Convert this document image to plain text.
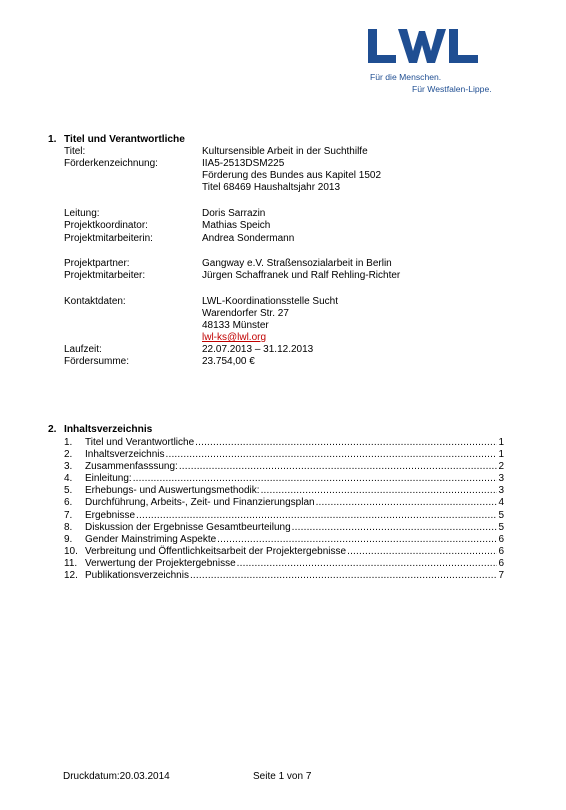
Für die Menschen.
Für Westfalen-Lippe.
1. Titel und Verantwortliche
Titel:	Kultursensible Arbeit in der Suchthilfe
Förderkenzeichnung:	IIA5-2513DSM225
Förderung des Bundes aus Kapitel 1502
Titel 68469 Haushaltsjahr 2013
Leitung:	Doris Sarrazin
Projektkoordinator:	Mathias Speich
Projektmitarbeiterin:	Andrea Sondermann
Projektpartner:	Gangway e.V. Straßensozialarbeit in Berlin
Projektmitarbeiter:	Jürgen Schaffranek und Ralf Rehling-Richter
Kontaktdaten:	LWL-Koordinationsstelle Sucht
Warendorfer Str. 27
48133 Münster
lwl-ks@lwl.org
Laufzeit:	22.07.2013 – 31.12.2013
Fördersumme:	23.754,00 €
2. Inhaltsverzeichnis
1.	Titel und Verantwortliche .....	1
2.	Inhaltsverzeichnis .....	1
3.	Zusammenfasssung: .....	2
4.	Einleitung: .....	3
5.	Erhebungs- und Auswertungsmethodik: .....	3
6.	Durchführung, Arbeits-, Zeit- und Finanzierungsplan .....	4
7.	Ergebnisse .....	5
8.	Diskussion der Ergebnisse Gesamtbeurteilung .....	5
9.	Gender Mainstriming Aspekte .....	6
10. Verbreitung und Öffentlichkeitsarbeit der Projektergebnisse .....	6
11. Verwertung der Projektergebnisse .....	6
12. Publikationsverzeichnis .....	7
Druckdatum:20.03.2014	Seite 1 von 7
